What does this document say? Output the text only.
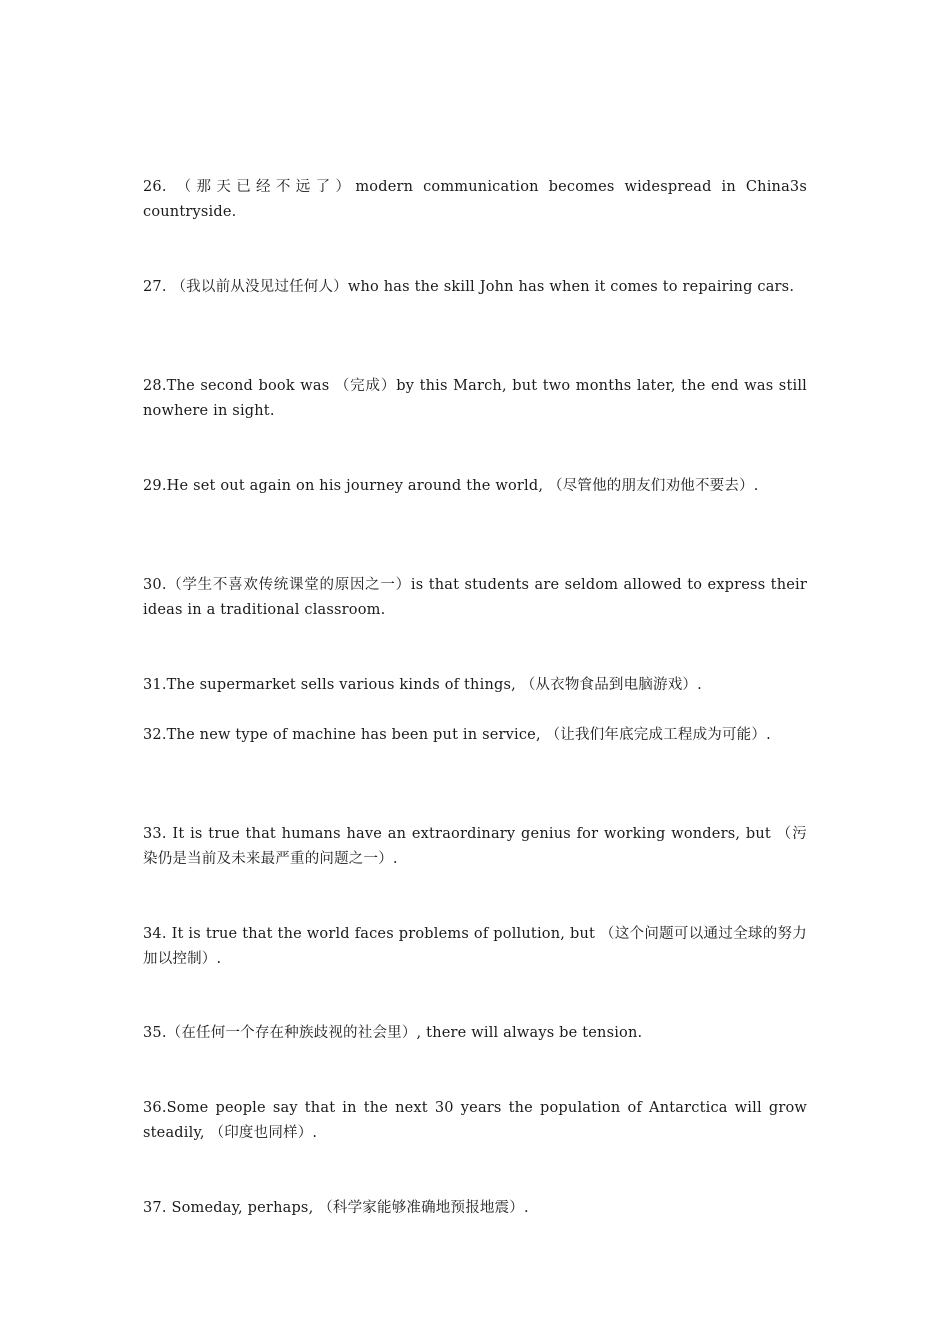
26. （那天已经不远了）modern communication becomes widespread in China3s countryside.

27. （我以前从没见过任何人）who has the skill John has when it comes to repairing cars.

28.The second book was （完成）by this March, but two months later, the end was still nowhere in sight.

29.He set out again on his journey around the world, （尽管他的朋友们劝他不要去）.

30.（学生不喜欢传统课堂的原因之一）is that students are seldom allowed to express their ideas in a traditional classroom.

31.The supermarket sells various kinds of things, （从衣物食品到电脑游戏）.

32.The new type of machine has been put in service, （让我们年底完成工程成为可能）.

33. It is true that humans have an extraordinary genius for working wonders, but （污染仍是当前及未来最严重的问题之一）.

34. It is true that the world faces problems of pollution, but （这个问题可以通过全球的努力加以控制）.

35.（在任何一个存在种族歧视的社会里）, there will always be tension.

36.Some people say that in the next 30 years the population of Antarctica will grow steadily, （印度也同样）.

37. Someday, perhaps, （科学家能够准确地预报地震）.
